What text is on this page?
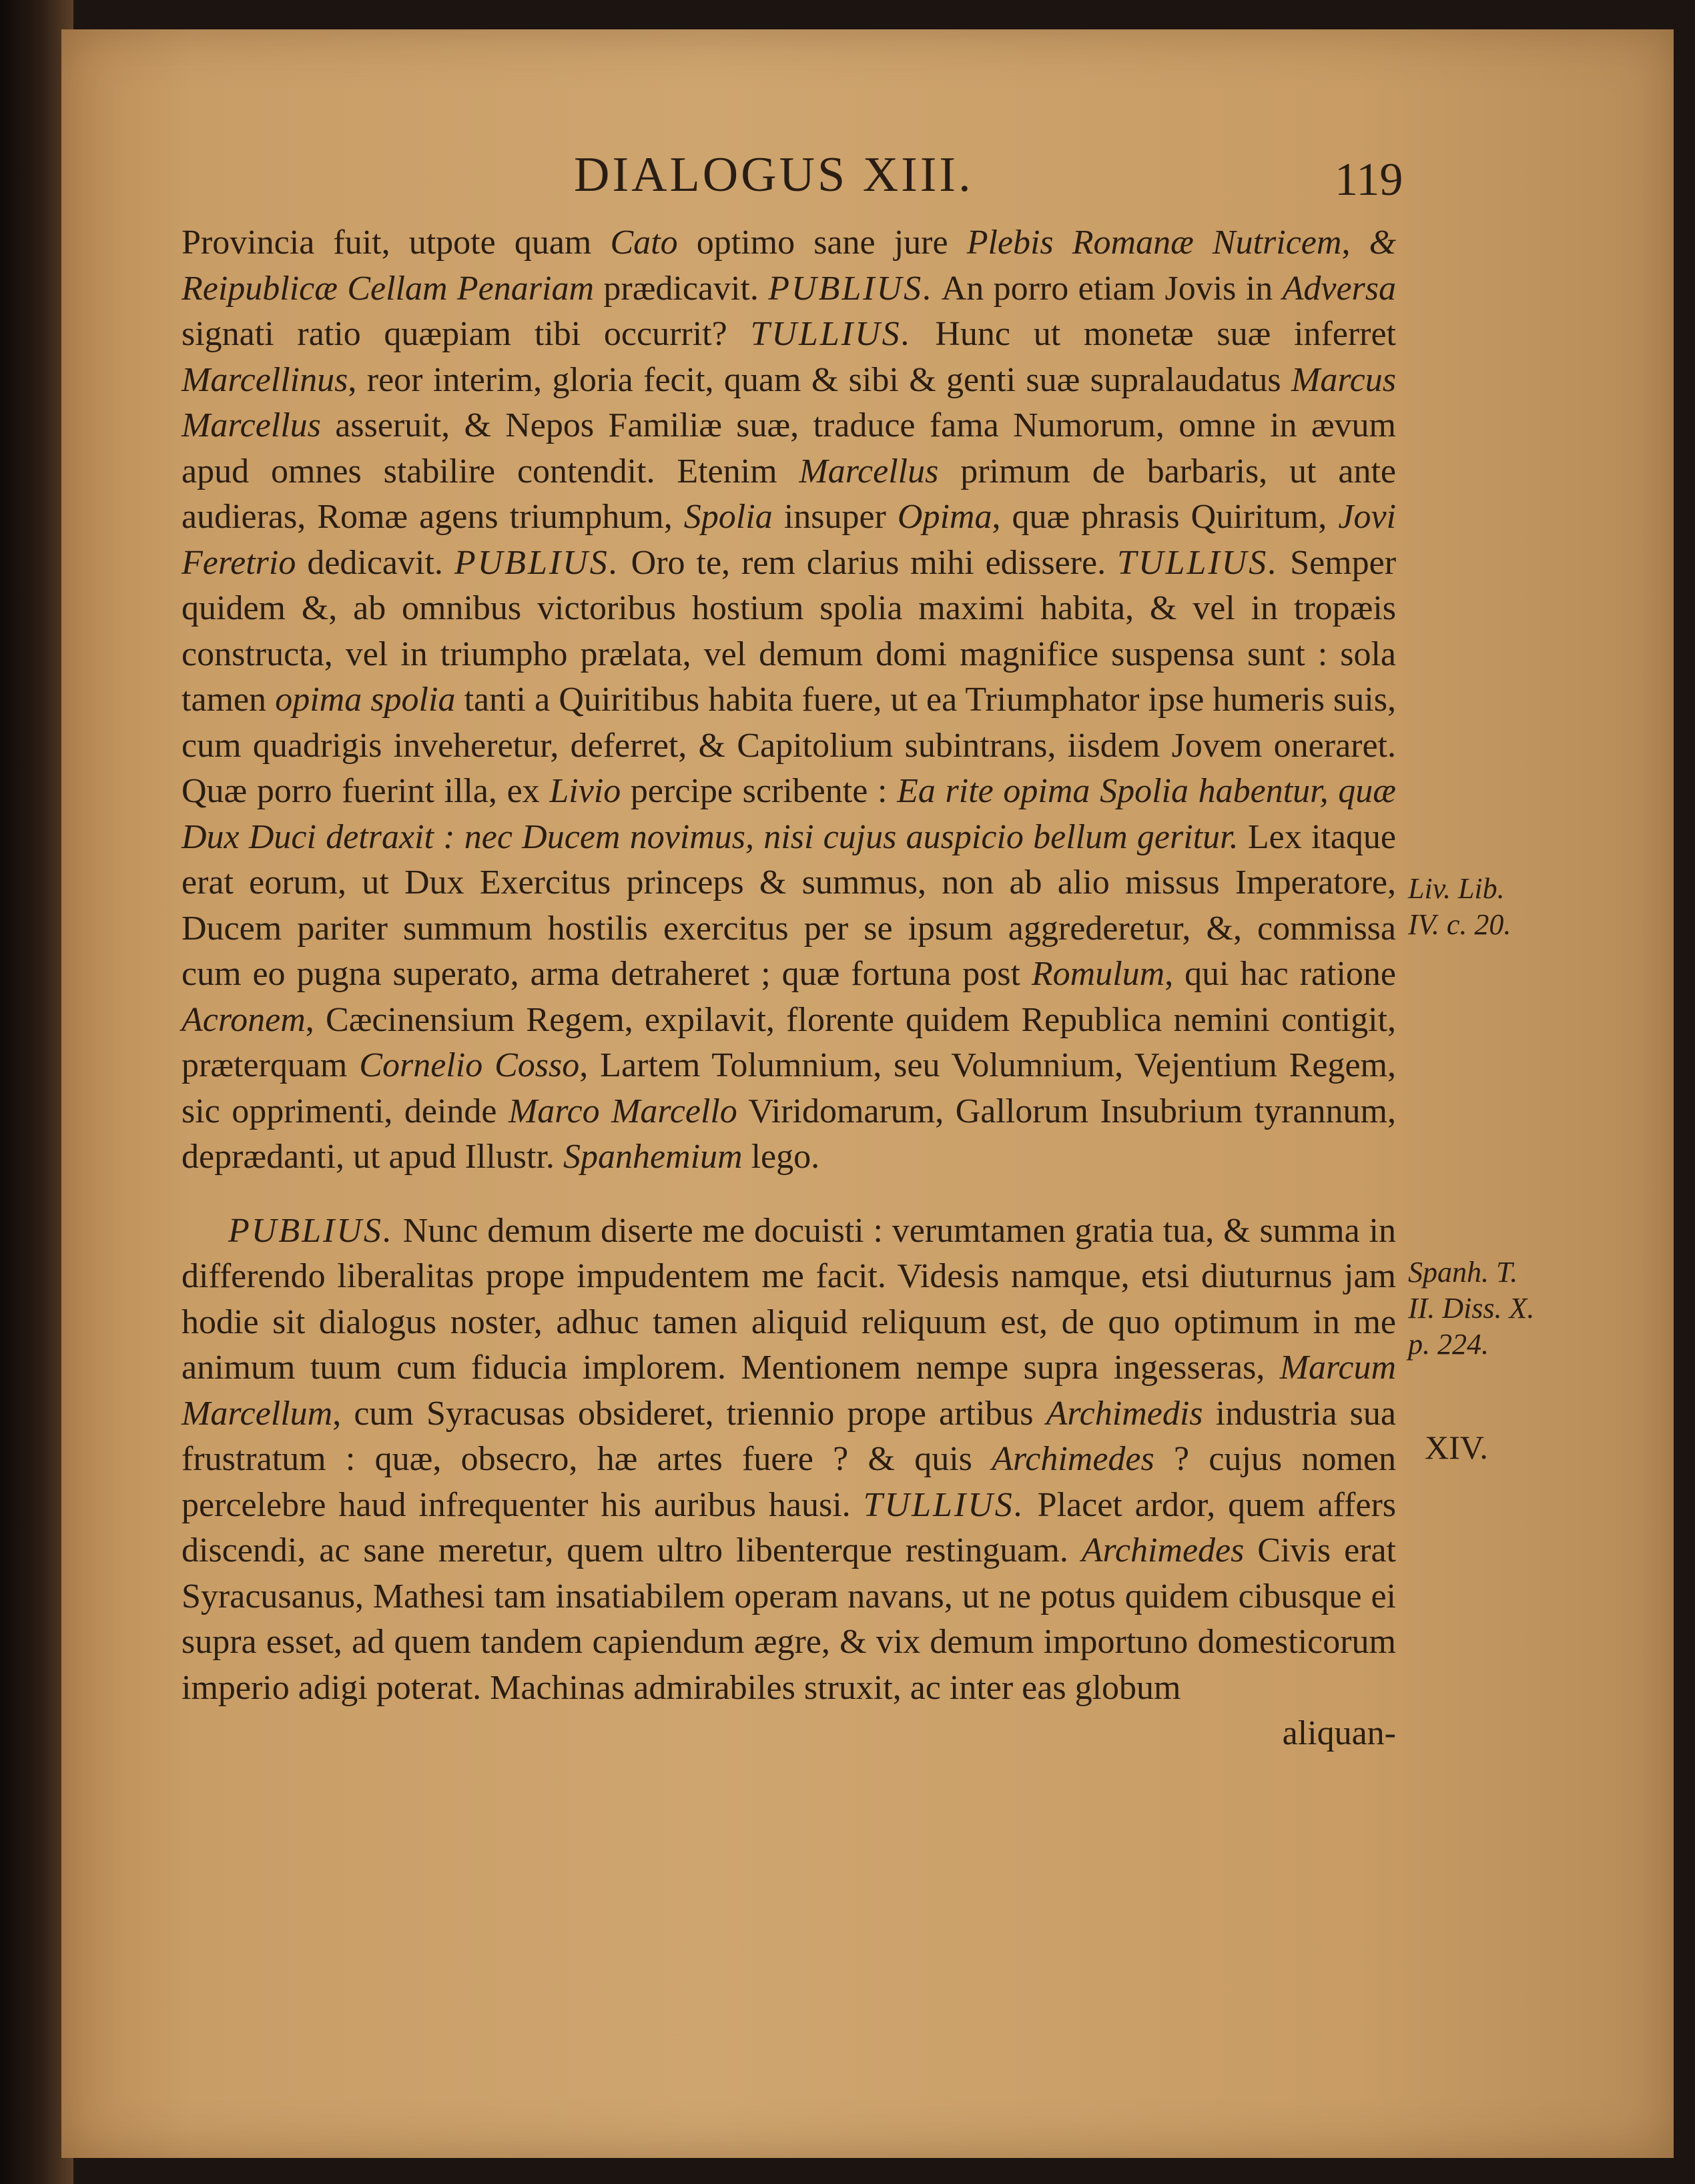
DIALOGUS XIII.	119

Provincia fuit, utpote quam Cato optimo sane jure Plebis Romanæ Nutricem, & Reipublicæ Cellam Penariam prædicavit. PUBLIUS. An porro etiam Jovis in Adversa signati ratio quæpiam tibi occurrit? TULLIUS. Hunc ut monetæ suæ inferret Marcellinus, reor interim, gloria fecit, quam & sibi & genti suæ supralaudatus Marcus Marcellus asseruit, & Nepos Familiæ suæ, traduce fama Numorum, omne in ævum apud omnes stabilire contendit. Etenim Marcellus primum de barbaris, ut ante audieras, Romæ agens triumphum, Spolia insuper Opima, quæ phrasis Quiritum, Jovi Feretrio dedicavit. PUBLIUS. Oro te, rem clarius mihi edissere. TULLIUS. Semper quidem &, ab omnibus victoribus hostium spolia maximi habita, & vel in tropæis constructa, vel in triumpho prælata, vel demum domi magnifice suspensa sunt : sola tamen opima spolia tanti a Quiritibus habita fuere, ut ea Triumphator ipse humeris suis, cum quadrigis inveheretur, deferret, & Capitolium subintrans, iisdem Jovem oneraret. Quæ porro fuerint illa, ex Livio percipe scribente : Ea rite opima Spolia habentur, quæ Dux Duci detraxit : nec Ducem novimus, nisi cujus auspicio bellum geritur. Lex itaque erat eorum, ut Dux Exercitus princeps & summus, non ab alio missus Imperatore, Ducem pariter summum hostilis exercitus per se ipsum aggrederetur, &, commissa cum eo pugna superato, arma detraheret ; quæ fortuna post Romulum, qui hac ratione Acronem, Cæcinensium Regem, expilavit, florente quidem Republica nemini contigit, præterquam Cornelio Cosso, Lartem Tolumnium, seu Volumnium, Vejentium Regem, sic opprimenti, deinde Marco Marcello Viridomarum, Gallorum Insubrium tyrannum, deprædanti, ut apud Illustr. Spanhemium lego.

PUBLIUS. Nunc demum diserte me docuisti : verumtamen gratia tua, & summa in differendo liberalitas prope impudentem me facit. Videsis namque, etsi diuturnus jam hodie sit dialogus noster, adhuc tamen aliquid reliquum est, de quo optimum in me animum tuum cum fiducia implorem. Mentionem nempe supra ingesseras, Marcum Marcellum, cum Syracusas obsideret, triennio prope artibus Archimedis industria sua frustratum : quæ, obsecro, hæ artes fuere ? & quis Archimedes ? cujus nomen percelebre haud infrequenter his auribus hausi. TULLIUS. Placet ardor, quem affers discendi, ac sane meretur, quem ultro libenterque restinguam. Archimedes Civis erat Syracusanus, Mathesi tam insatiabilem operam navans, ut ne potus quidem cibusque ei supra esset, ad quem tandem capiendum ægre, & vix demum importuno domesticorum imperio adigi poterat. Machinas admirabiles struxit, ac inter eas globum
aliquan-

Liv. Lib. IV. c. 20.
Spanh. T. II. Diss. X. p. 224.
XIV.
